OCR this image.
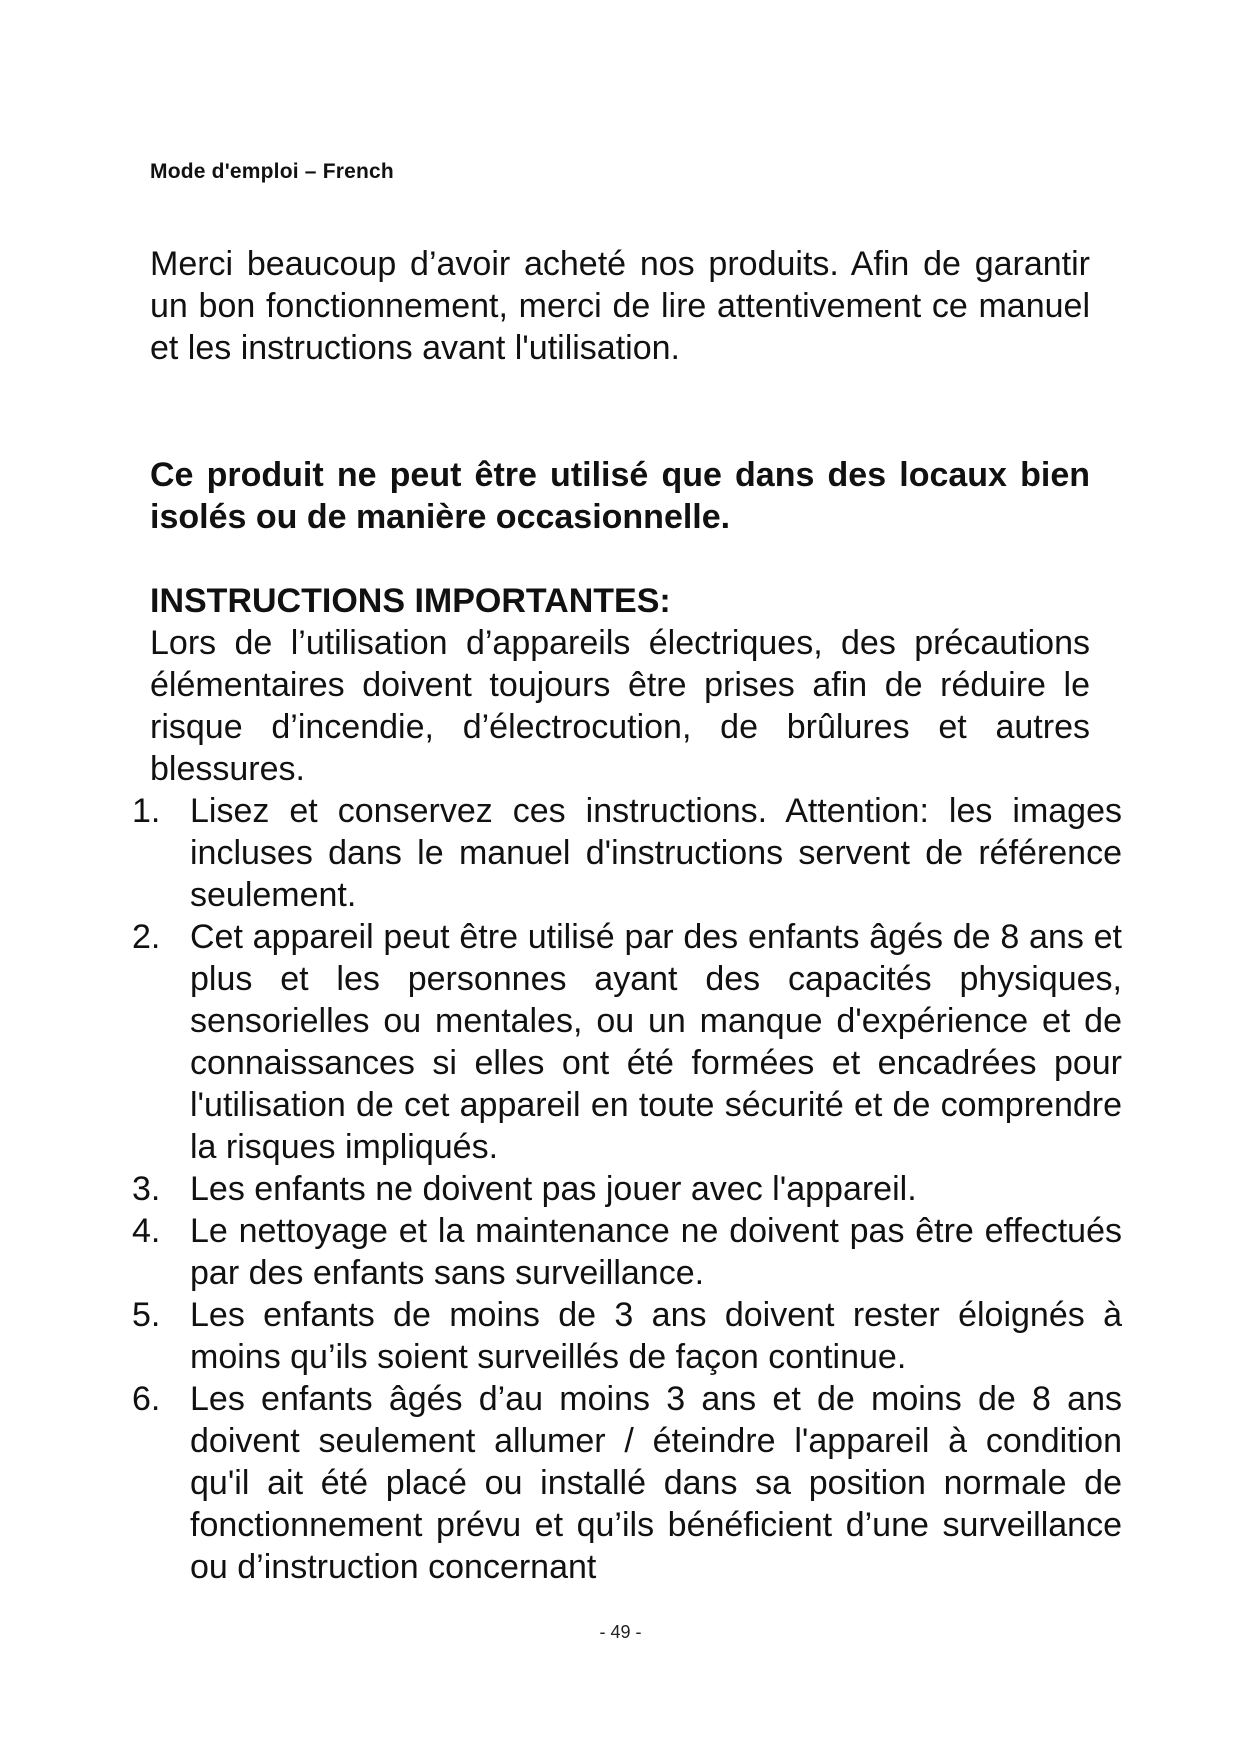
Mode d'emploi – French
Merci beaucoup d’avoir acheté nos produits. Afin de garantir un bon fonctionnement, merci de lire attentivement ce manuel et les instructions avant l'utilisation.
Ce produit ne peut être utilisé que dans des locaux bien isolés ou de manière occasionnelle.
INSTRUCTIONS IMPORTANTES:
Lors de l’utilisation d’appareils électriques, des précautions élémentaires doivent toujours être prises afin de réduire le risque d’incendie, d’électrocution, de brûlures et autres blessures.
1. Lisez et conservez ces instructions. Attention: les images incluses dans le manuel d'instructions servent de référence seulement.
2. Cet appareil peut être utilisé par des enfants âgés de 8 ans et plus et les personnes ayant des capacités physiques, sensorielles ou mentales, ou un manque d'expérience et de connaissances si elles ont été formées et encadrées pour l'utilisation de cet appareil en toute sécurité et de comprendre la risques impliqués.
3. Les enfants ne doivent pas jouer avec l'appareil.
4. Le nettoyage et la maintenance ne doivent pas être effectués par des enfants sans surveillance.
5. Les enfants de moins de 3 ans doivent rester éloignés à moins qu’ils soient surveillés de façon continue.
6. Les enfants âgés d’au moins 3 ans et de moins de 8 ans doivent seulement allumer / éteindre l'appareil à condition qu'il ait été placé ou installé dans sa position normale de fonctionnement prévu et qu’ils bénéficient d’une surveillance ou d’instruction concernant
- 49 -
